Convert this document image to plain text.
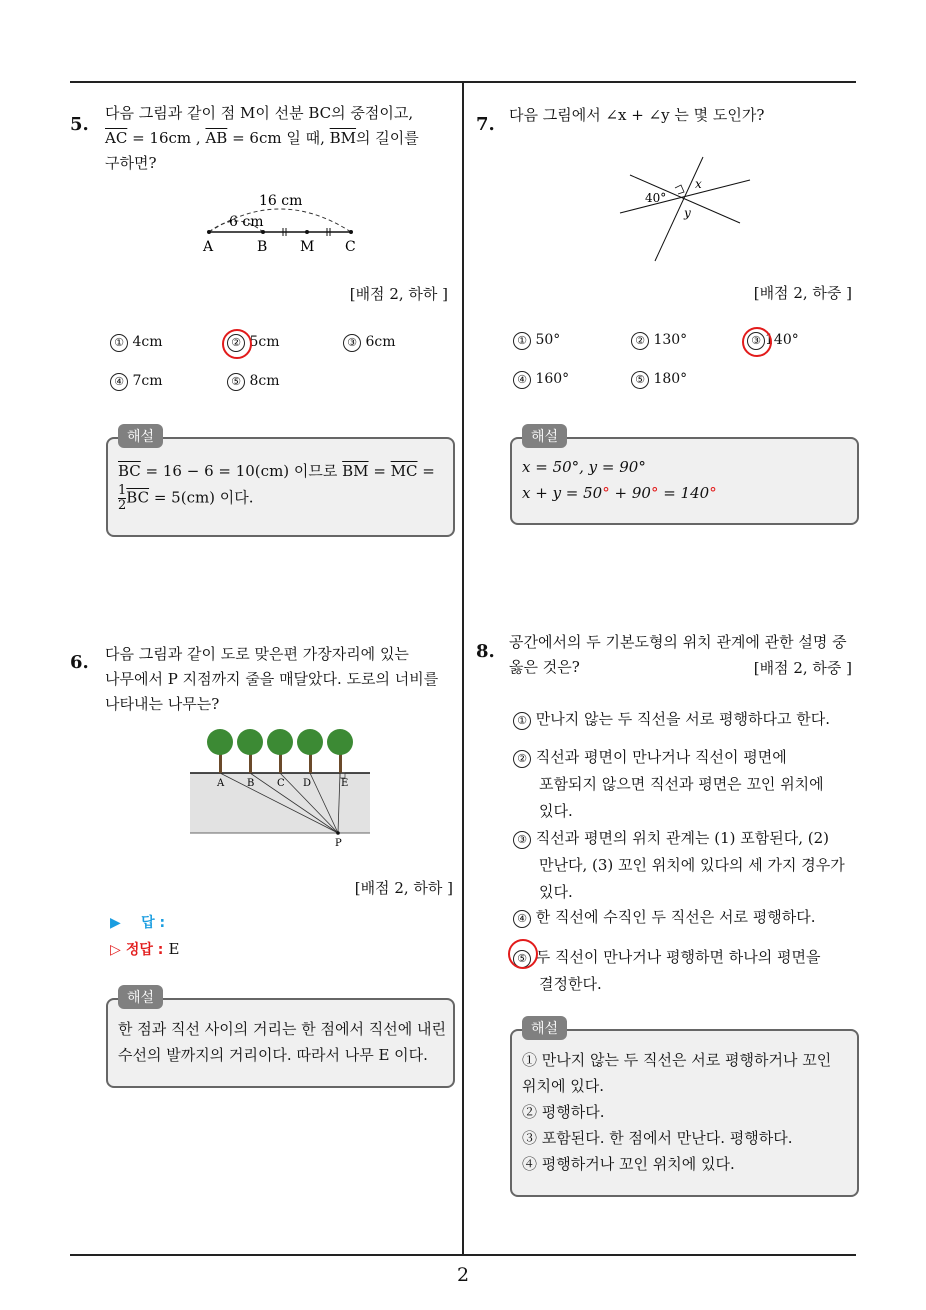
2
5.
다음 그림과 같이 점 M이 선분 BC의 중점이고,
$\overline{AC} = 16cm$ , $\overline{AB} = 6cm$ 일 때, $\overline{BM}$의 길이를
구하면?
16 cm
6 cm
A	B M C
[배점 2, 하하 ]
① 4cm	② 5cm	③ 6cm
④ 7cm	⑤ 8cm
해설
$\overline{BC} = 16 - 6 = 10(cm)$ 이므로 $\overline{BM} = \overline{MC}$ =
$\frac{1}{2} \overline{BC} = 5(cm)$ 이다.
6. 다음 그림과 같이 도로 맞은편 가장자리에 있는
나무에서 P 지점까지 줄을 매달았다. 도로의 너비를
나타내는 나무는?
A B C D	E
P
[배점 2, 하하 ]
▶ 답 :
▷ 정답 : E
해설
한 점과 직선 사이의 거리는 한 점에서 직선에 내린
수선의 발까지의 거리이다. 따라서 나무 E 이다.
7. 다음 그림에서 ∠x + ∠y 는 몇 도인가?
40°
x
y
[배점 2, 하중 ]
① 50°	② 130°	③ 140°
④ 160°	⑤ 180°
해설
x = 50°, y = 90°
x + y = 50° + 90° = 140°
8. 공간에서의 두 기본도형의 위치 관계에 관한 설명 중
옳은 것은?	[배점 2, 하중 ]
① 만나지 않는 두 직선을 서로 평행하다고 한다.
② 직선과 평면이 만나거나 직선이 평면에
포함되지 않으면 직선과 평면은 꼬인 위치에
있다.
③ 직선과 평면의 위치 관계는 (1) 포함된다, (2)
만난다, (3) 꼬인 위치에 있다의 세 가지 경우가
있다.
④ 한 직선에 수직인 두 직선은 서로 평행하다.
⑤ 두 직선이 만나거나 평행하면 하나의 평면을
결정한다.
해설
① 만나지 않는 두 직선은 서로 평행하거나 꼬인
위치에 있다.
② 평행하다.
③ 포함된다. 한 점에서 만난다. 평행하다.
④ 평행하거나 꼬인 위치에 있다.
